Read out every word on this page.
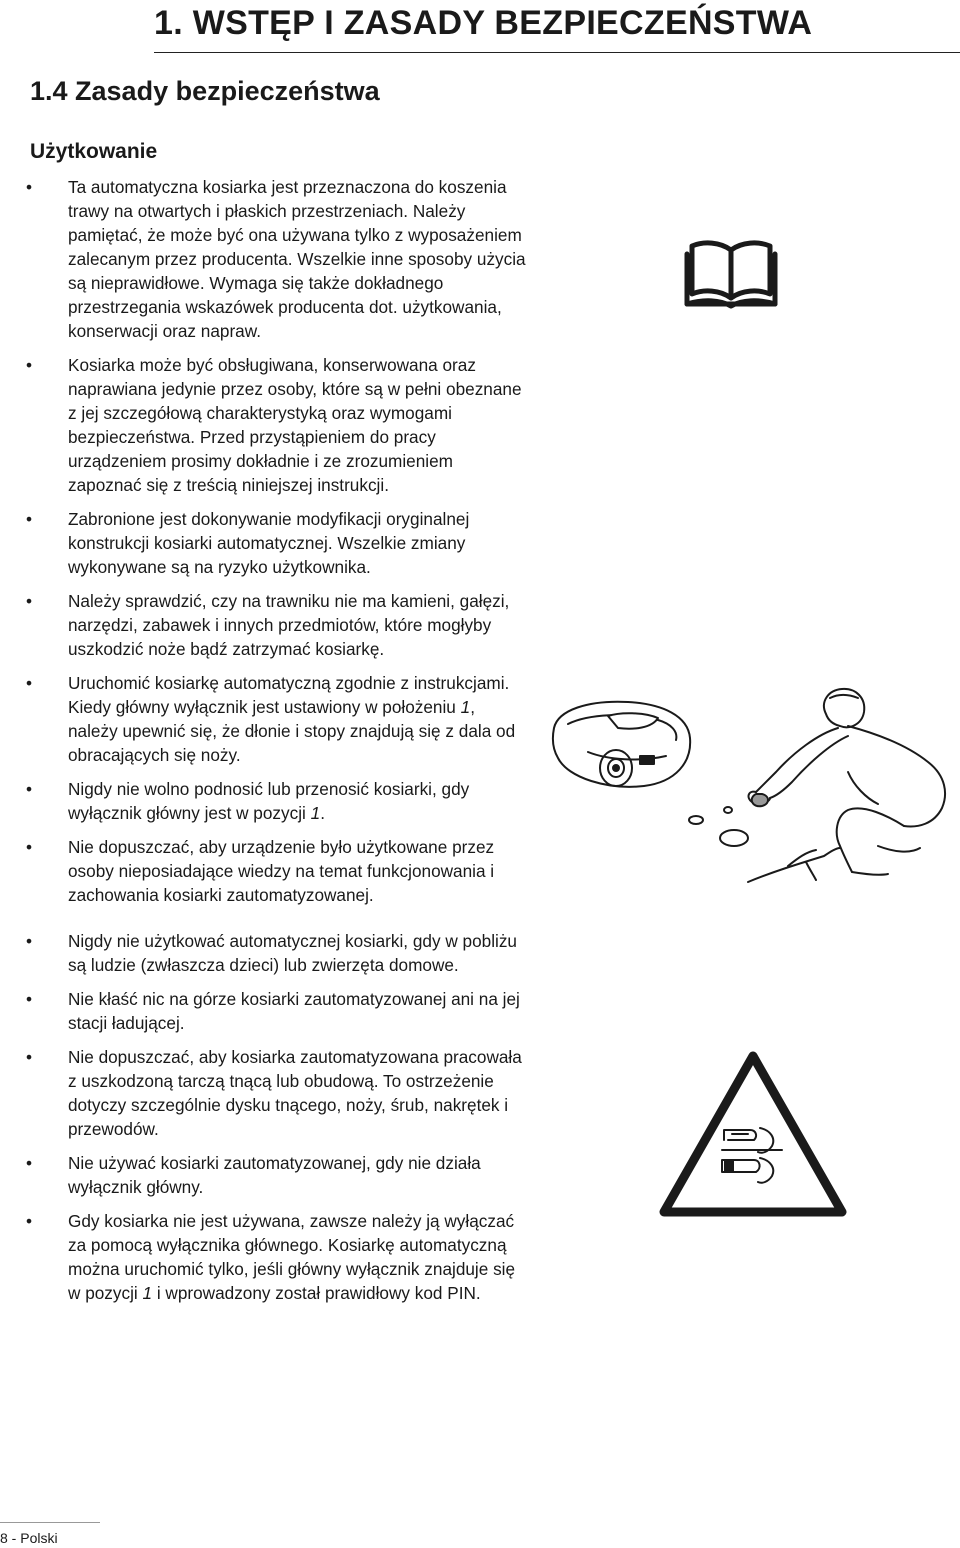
1. WSTĘP I ZASADY BEZPIECZEŃSTWA
1.4 Zasady bezpieczeństwa
Użytkowanie
• Ta automatyczna kosiarka jest przeznaczona do koszenia trawy na otwartych i płaskich przestrzeniach. Należy pamiętać, że może być ona używana tylko z wyposażeniem zalecanym przez producenta. Wszelkie inne sposoby użycia są nieprawidłowe. Wymaga się także dokładnego przestrzegania wskazówek producenta dot. użytkowania, konserwacji oraz napraw.
• Kosiarka może być obsługiwana, konserwowana oraz naprawiana jedynie przez osoby, które są w pełni obeznane z jej szczegółową charakterystyką oraz wymogami bezpieczeństwa. Przed przystąpieniem do pracy urządzeniem prosimy dokładnie i ze zrozumieniem zapoznać się z treścią niniejszej instrukcji.
• Zabronione jest dokonywanie modyfikacji oryginalnej konstrukcji kosiarki automatycznej. Wszelkie zmiany wykonywane są na ryzyko użytkownika.
• Należy sprawdzić, czy na trawniku nie ma kamieni, gałęzi, narzędzi, zabawek i innych przedmiotów, które mogłyby uszkodzić noże bądź zatrzymać kosiarkę.
• Uruchomić kosiarkę automatyczną zgodnie z instrukcjami. Kiedy główny wyłącznik jest ustawiony w położeniu 1, należy upewnić się, że dłonie i stopy znajdują się z dala od obracających się noży.
• Nigdy nie wolno podnosić lub przenosić kosiarki, gdy wyłącznik główny jest w pozycji 1.
• Nie dopuszczać, aby urządzenie było użytkowane przez osoby nieposiadające wiedzy na temat funkcjonowania i zachowania kosiarki zautomatyzowanej.
• Nigdy nie użytkować automatycznej kosiarki, gdy w pobliżu są ludzie (zwłaszcza dzieci) lub zwierzęta domowe.
• Nie kłaść nic na górze kosiarki zautomatyzowanej ani na jej stacji ładującej.
• Nie dopuszczać, aby kosiarka zautomatyzowana pracowała z uszkodzoną tarczą tnącą lub obudową. To ostrzeżenie dotyczy szczególnie dysku tnącego, noży, śrub, nakrętek i przewodów.
• Nie używać kosiarki zautomatyzowanej, gdy nie działa wyłącznik główny.
• Gdy kosiarka nie jest używana, zawsze należy ją wyłączać za pomocą wyłącznika głównego. Kosiarkę automatyczną można uruchomić tylko, jeśli główny wyłącznik znajduje się w pozycji 1 i wprowadzony został prawidłowy kod PIN.
8 - Polski
